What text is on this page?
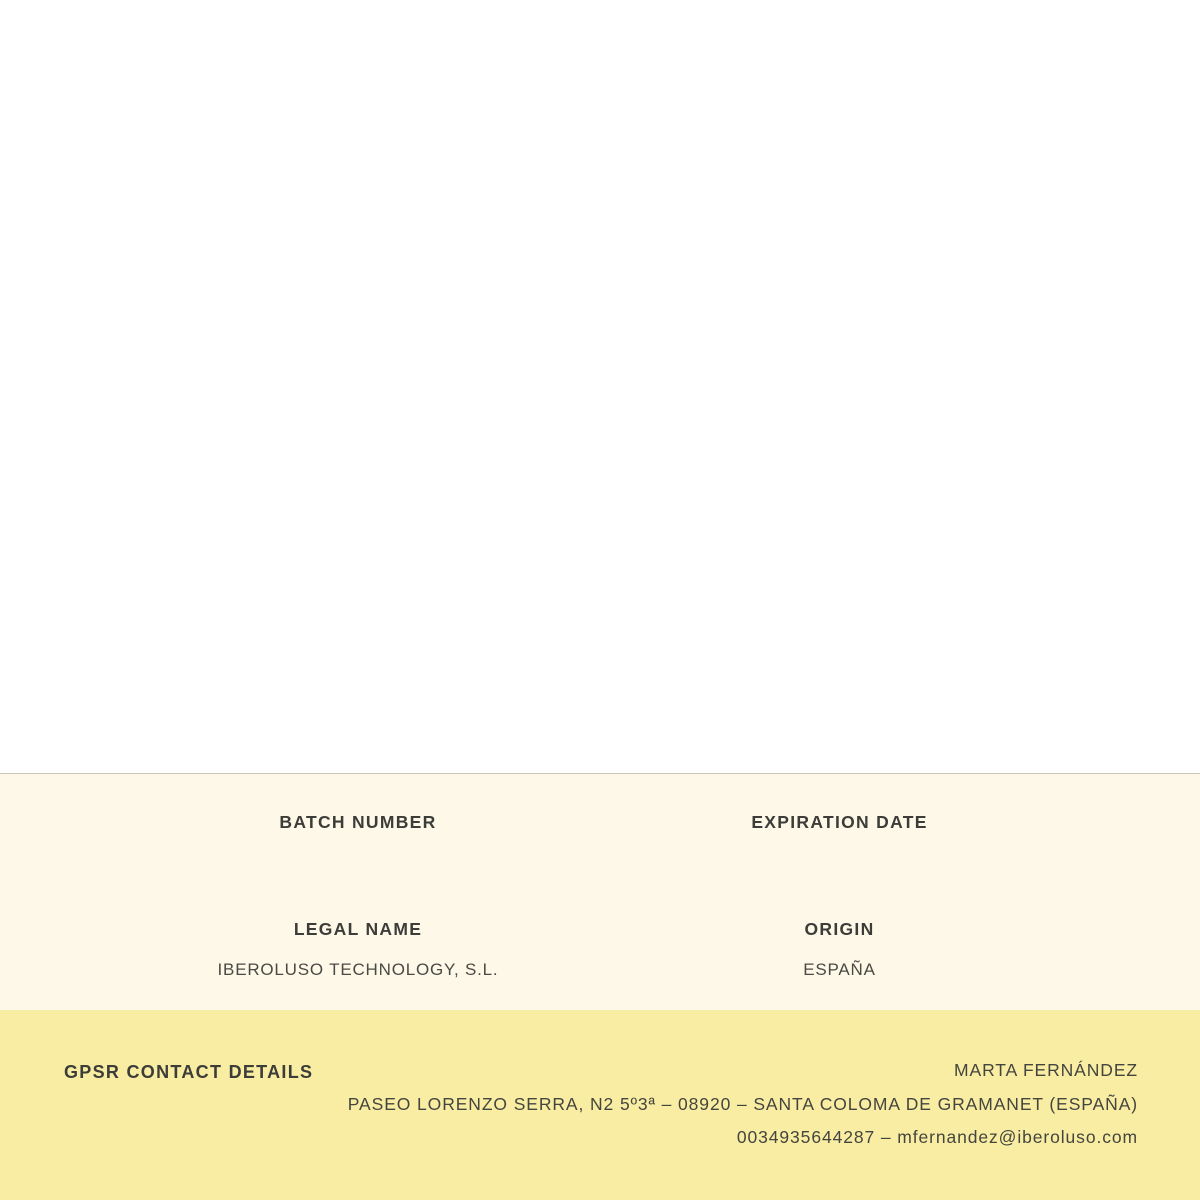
BATCH NUMBER	EXPIRATION DATE
LEGAL NAME
IBEROLUSO TECHNOLOGY, S.L.
ORIGIN
ESPAÑA
GPSR CONTACT DETAILS	MARTA FERNÁNDEZ
PASEO LORENZO SERRA, N2 5º3ª – 08920 – SANTA COLOMA DE GRAMANET (ESPAÑA)
0034935644287 – mfernandez@iberoluso.com
